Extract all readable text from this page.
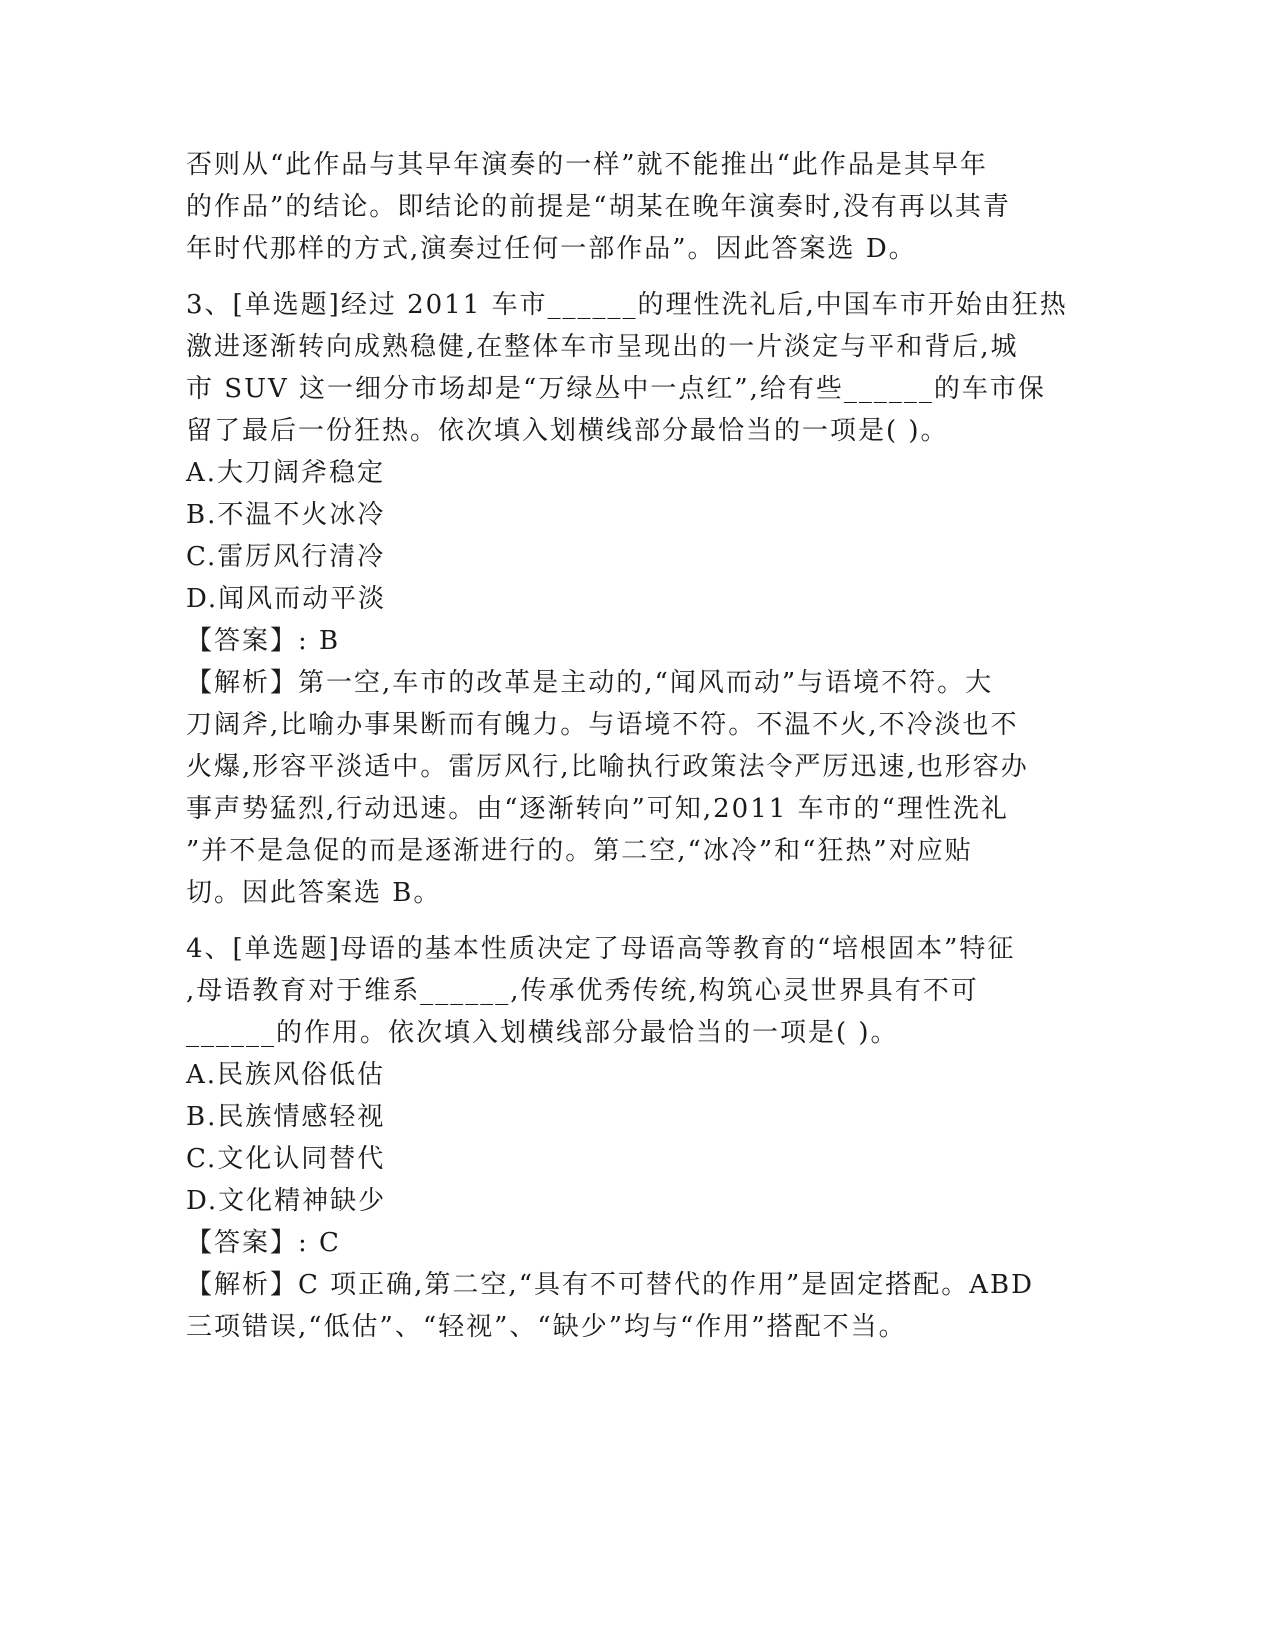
否则从“此作品与其早年演奏的一样”就不能推出“此作品是其早年
的作品”的结论。即结论的前提是“胡某在晚年演奏时,没有再以其青
年时代那样的方式,演奏过任何一部作品”。因此答案选 D。
3、[单选题]经过 2011 车市______的理性洗礼后,中国车市开始由狂热
激进逐渐转向成熟稳健,在整体车市呈现出的一片淡定与平和背后,城
市 SUV 这一细分市场却是“万绿丛中一点红”,给有些______的车市保
留了最后一份狂热。依次填入划横线部分最恰当的一项是( )。
A.大刀阔斧稳定
B.不温不火冰冷
C.雷厉风行清冷
D.闻风而动平淡
【答案】: B
【解析】第一空,车市的改革是主动的,“闻风而动”与语境不符。大
刀阔斧,比喻办事果断而有魄力。与语境不符。不温不火,不冷淡也不
火爆,形容平淡适中。雷厉风行,比喻执行政策法令严厉迅速,也形容办
事声势猛烈,行动迅速。由“逐渐转向”可知,2011 车市的“理性洗礼
”并不是急促的而是逐渐进行的。第二空,“冰冷”和“狂热”对应贴
切。因此答案选 B。
4、[单选题]母语的基本性质决定了母语高等教育的“培根固本”特征
,母语教育对于维系______,传承优秀传统,构筑心灵世界具有不可
______的作用。依次填入划横线部分最恰当的一项是( )。
A.民族风俗低估
B.民族情感轻视
C.文化认同替代
D.文化精神缺少
【答案】: C
【解析】C 项正确,第二空,“具有不可替代的作用”是固定搭配。ABD
三项错误,“低估”、“轻视”、“缺少”均与“作用”搭配不当。
